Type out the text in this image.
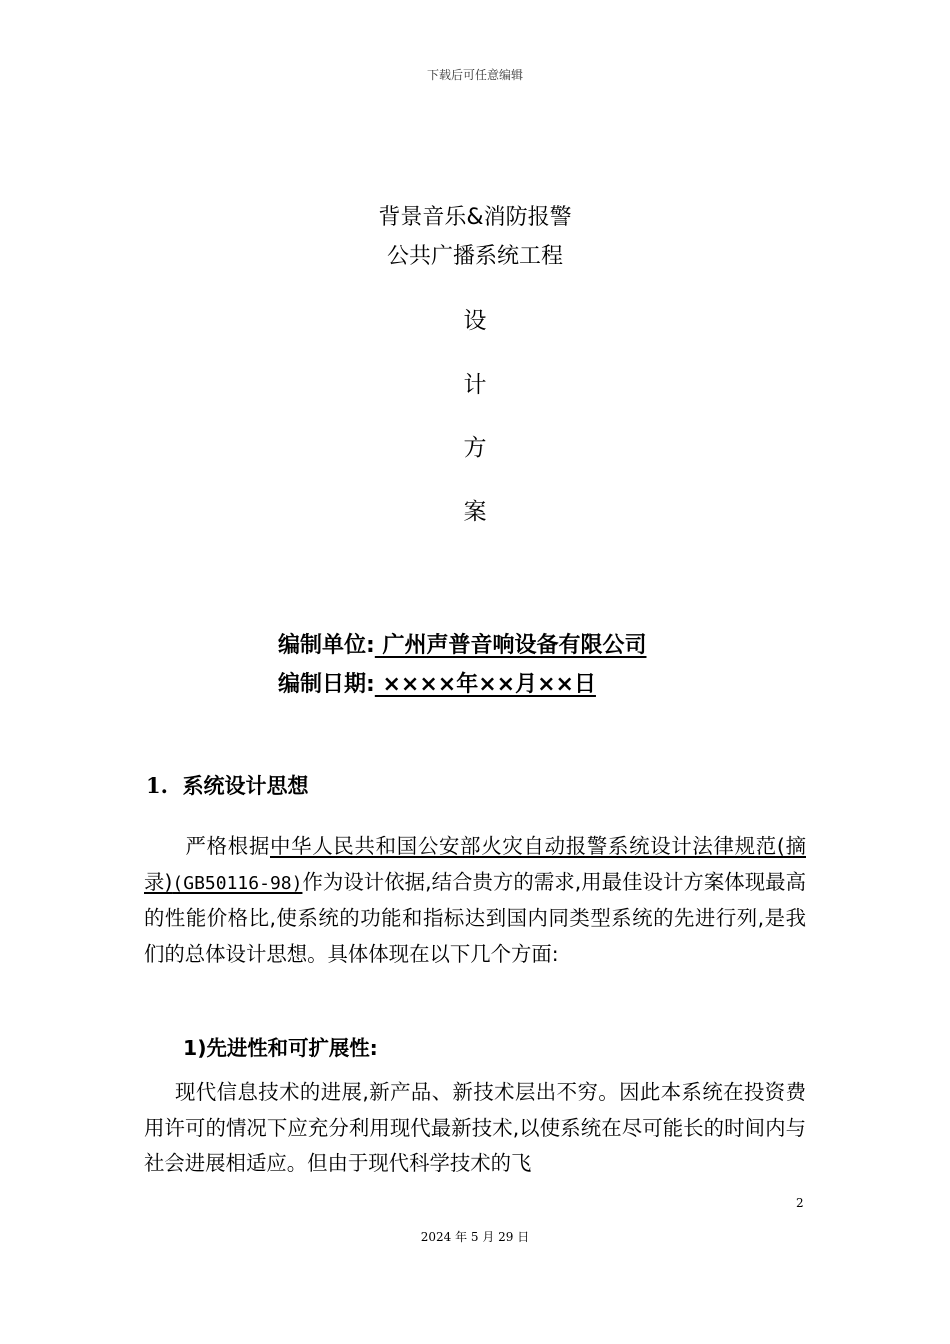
下载后可任意编辑
背景音乐&消防报警
公共广播系统工程
设
计
方
案
编制单位: 广州声普音响设备有限公司
编制日期: ××××年××月××日
1. 系统设计思想
  严格根据中华人民共和国公安部火灾自动报警系统设计法律规范(摘录)(GB50116-98)作为设计依据,结合贵方的需求,用最佳设计方案体现最高的性能价格比,使系统的功能和指标达到国内同类型系统的先进行列,是我们的总体设计思想。具体体现在以下几个方面:
1)先进性和可扩展性:
  现代信息技术的进展,新产品、新技术层出不穷。因此本系统在投资费用许可的情况下应充分利用现代最新技术,以使系统在尽可能长的时间内与社会进展相适应。但由于现代科学技术的飞
2
2024 年 5 月 29 日
